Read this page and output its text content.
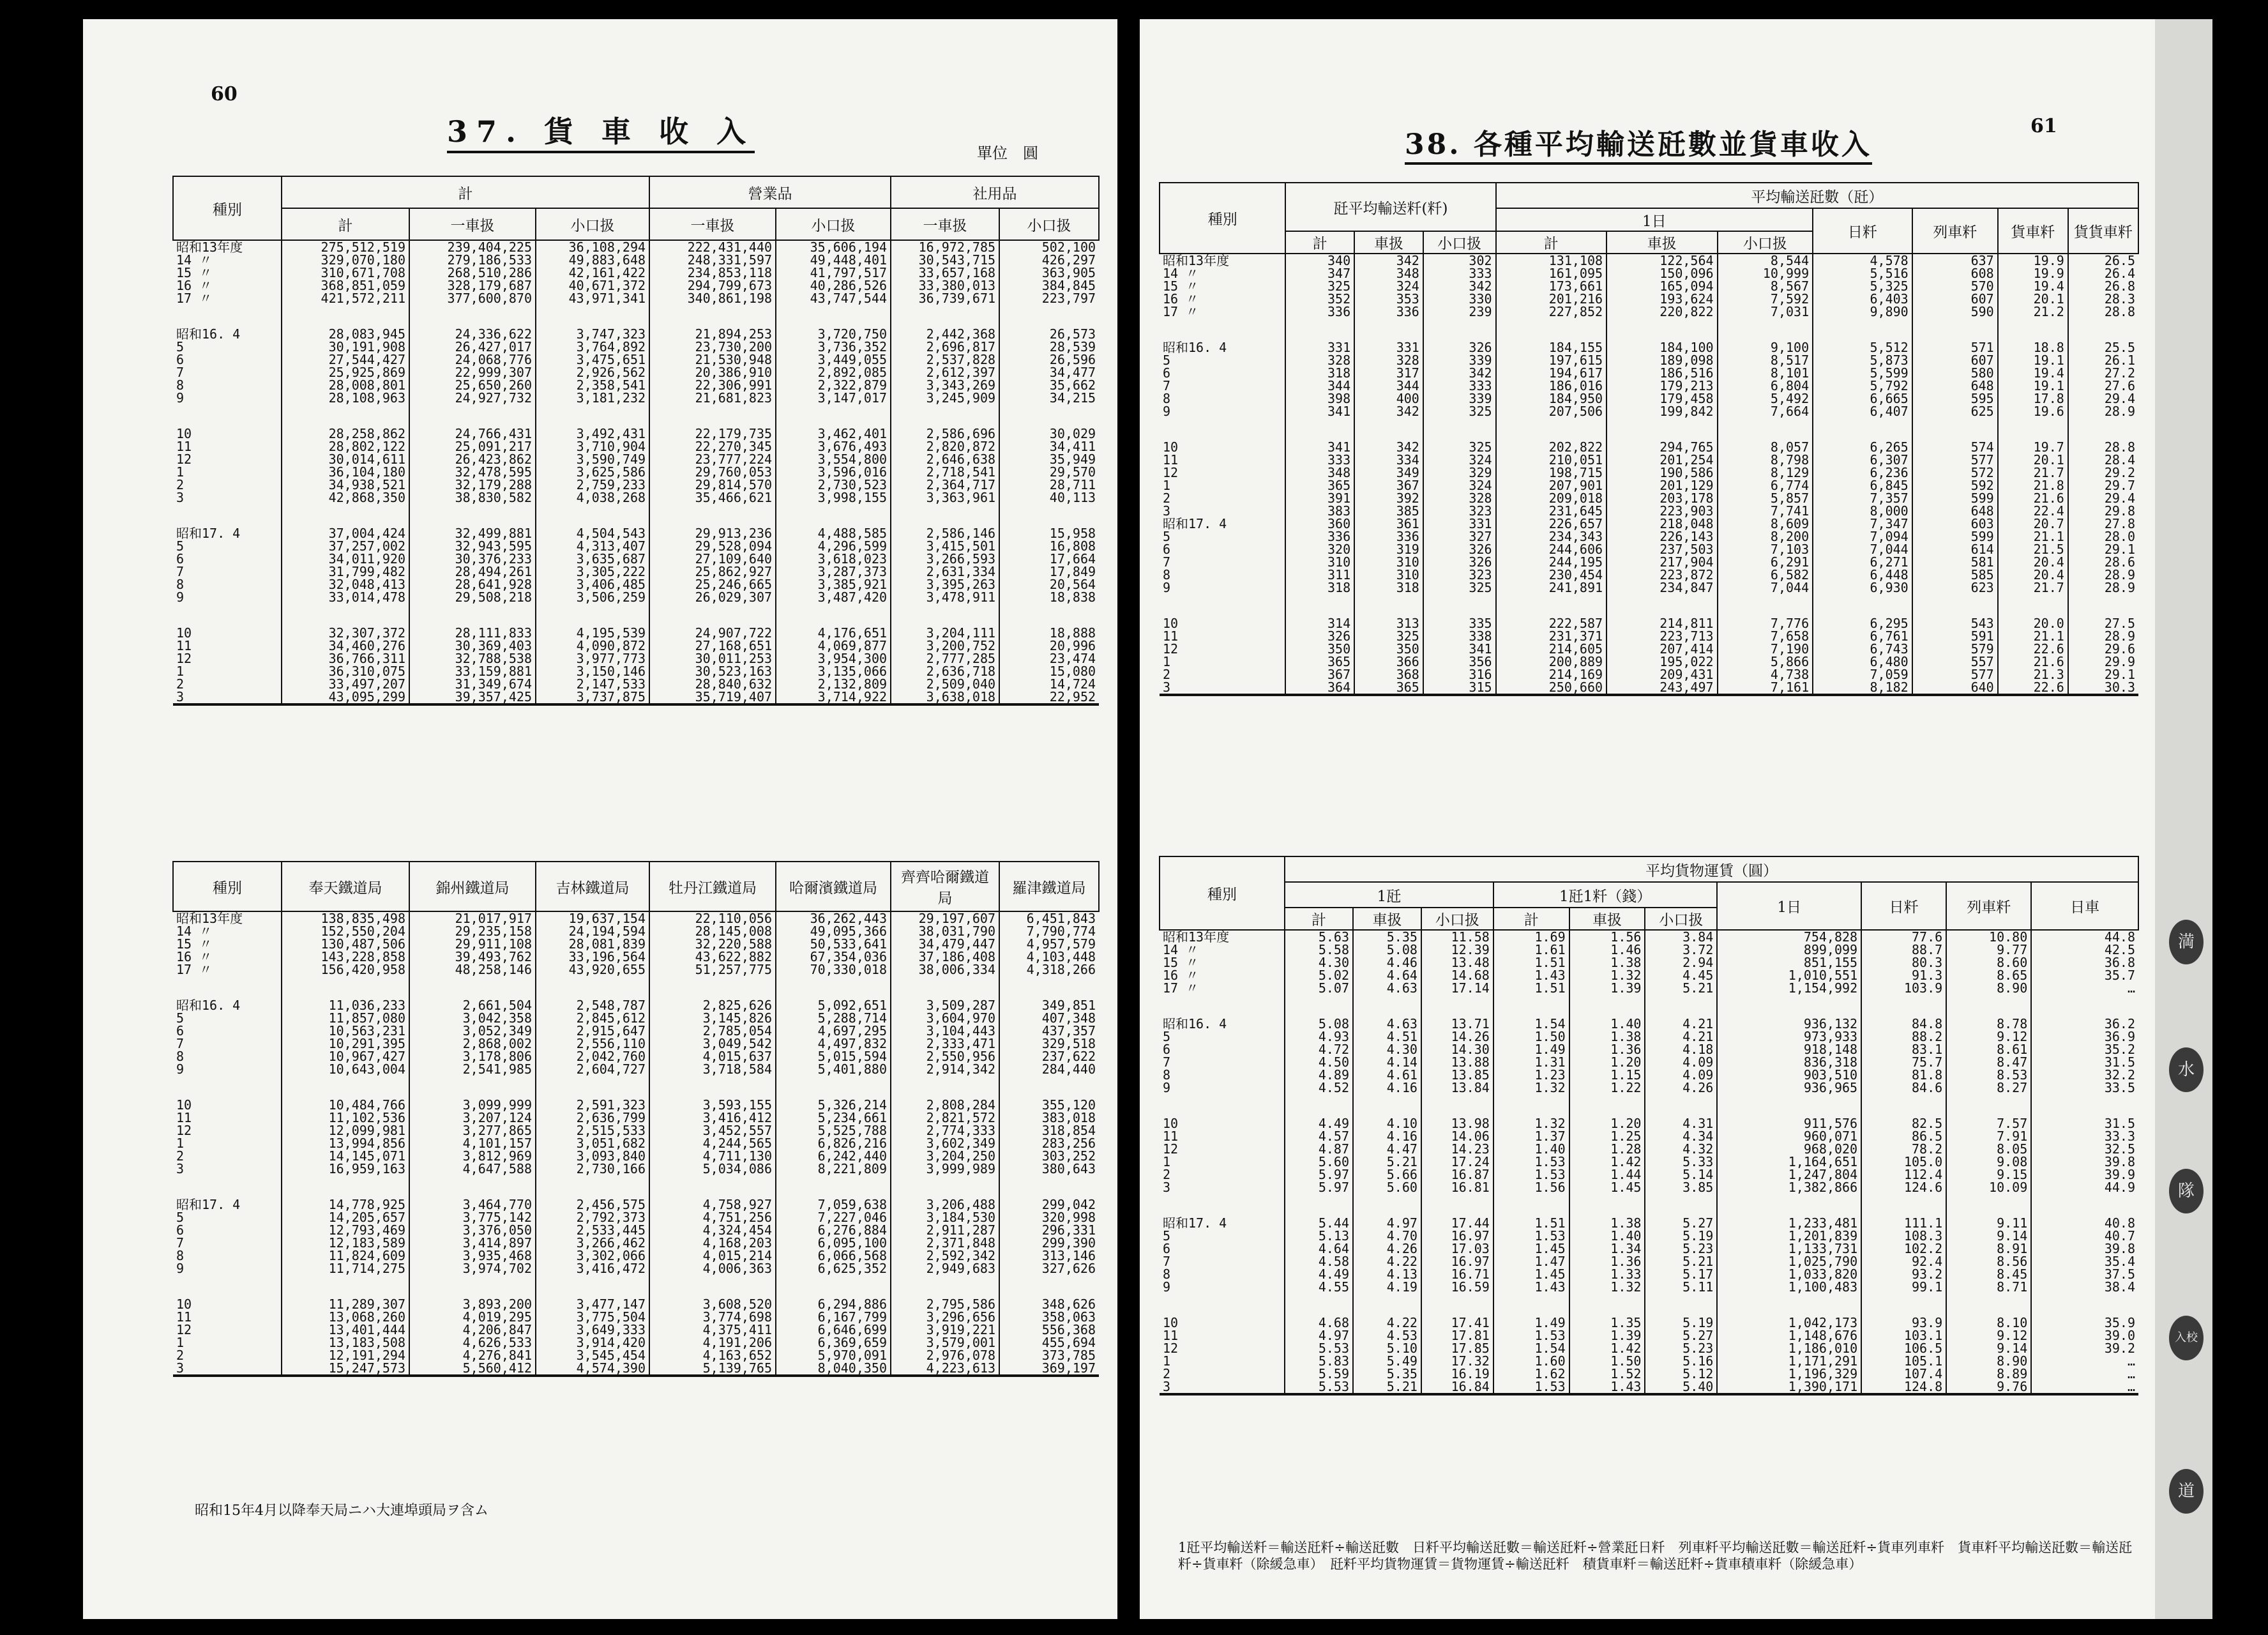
60
37. 貨 車 收 入
單位　圓
種別	計			營業品		社用品	
	計	一車扱	小口扱	一車扱	小口扱	一車扱	小口扱
昭和13年度	275,512,519	239,404,225	36,108,294	222,431,440	35,606,194	16,972,785	502,100
14 〃	329,070,180	279,186,533	49,883,648	248,331,597	49,448,401	30,543,715	426,297
15 〃	310,671,708	268,510,286	42,161,422	234,853,118	41,797,517	33,657,168	363,905
16 〃	368,851,059	328,179,687	40,671,372	294,799,673	40,286,526	33,380,013	384,845
17 〃	421,572,211	377,600,870	43,971,341	340,861,198	43,747,544	36,739,671	223,797

昭和16. 4	28,083,945	24,336,622	3,747,323	21,894,253	3,720,750	2,442,368	26,573
5	30,191,908	26,427,017	3,764,892	23,730,200	3,736,352	2,696,817	28,539
6	27,544,427	24,068,776	3,475,651	21,530,948	3,449,055	2,537,828	26,596
7	25,925,869	22,999,307	2,926,562	20,386,910	2,892,085	2,612,397	34,477
8	28,008,801	25,650,260	2,358,541	22,306,991	2,322,879	3,343,269	35,662
9	28,108,963	24,927,732	3,181,232	21,681,823	3,147,017	3,245,909	34,215

10	28,258,862	24,766,431	3,492,431	22,179,735	3,462,401	2,586,696	30,029
11	28,802,122	25,091,217	3,710,904	22,270,345	3,676,493	2,820,872	34,411
12	30,014,611	26,423,862	3,590,749	23,777,224	3,554,800	2,646,638	35,949
1	36,104,180	32,478,595	3,625,586	29,760,053	3,596,016	2,718,541	29,570
2	34,938,521	32,179,288	2,759,233	29,814,570	2,730,523	2,364,717	28,711
3	42,868,350	38,830,582	4,038,268	35,466,621	3,998,155	3,363,961	40,113

昭和17. 4	37,004,424	32,499,881	4,504,543	29,913,236	4,488,585	2,586,146	15,958
5	37,257,002	32,943,595	4,313,407	29,528,094	4,296,599	3,415,501	16,808
6	34,011,920	30,376,233	3,635,687	27,109,640	3,618,023	3,266,593	17,664
7	31,799,482	28,494,261	3,305,222	25,862,927	3,287,373	2,631,334	17,849
8	32,048,413	28,641,928	3,406,485	25,246,665	3,385,921	3,395,263	20,564
9	33,014,478	29,508,218	3,506,259	26,029,307	3,487,420	3,478,911	18,838

10	32,307,372	28,111,833	4,195,539	24,907,722	4,176,651	3,204,111	18,888
11	34,460,276	30,369,403	4,090,872	27,168,651	4,069,877	3,200,752	20,996
12	36,766,311	32,788,538	3,977,773	30,011,253	3,954,300	2,777,285	23,474
1	36,310,075	33,159,881	3,150,146	30,523,163	3,135,066	2,636,718	15,080
2	33,497,207	31,349,674	2,147,533	28,840,632	2,132,809	2,509,040	14,724
3	43,095,299	39,357,425	3,737,875	35,719,407	3,714,922	3,638,018	22,952
種別	奉天鐵道局	錦州鐵道局	吉林鐵道局	牡丹江鐵道局	哈爾濱鐵道局	齊齊哈爾鐵道局	羅津鐵道局
昭和13年度	138,835,498	21,017,917	19,637,154	22,110,056	36,262,443	29,197,607	6,451,843
14 〃	152,550,204	29,235,158	24,194,594	28,145,008	49,095,366	38,031,790	7,790,774
15 〃	130,487,506	29,911,108	28,081,839	32,220,588	50,533,641	34,479,447	4,957,579
16 〃	143,228,858	39,493,762	33,196,564	43,622,882	67,354,036	37,186,408	4,103,448
17 〃	156,420,958	48,258,146	43,920,655	51,257,775	70,330,018	38,006,334	4,318,266

昭和16. 4	11,036,233	2,661,504	2,548,787	2,825,626	5,092,651	3,509,287	349,851
5	11,857,080	3,042,358	2,845,612	3,145,826	5,288,714	3,604,970	407,348
6	10,563,231	3,052,349	2,915,647	2,785,054	4,697,295	3,104,443	437,357
7	10,291,395	2,868,002	2,556,110	3,049,542	4,497,832	2,333,471	329,518
8	10,967,427	3,178,806	2,042,760	4,015,637	5,015,594	2,550,956	237,622
9	10,643,004	2,541,985	2,604,727	3,718,584	5,401,880	2,914,342	284,440

10	10,484,766	3,099,999	2,591,323	3,593,155	5,326,214	2,808,284	355,120
11	11,102,536	3,207,124	2,636,799	3,416,412	5,234,661	2,821,572	383,018
12	12,099,981	3,277,865	2,515,533	3,452,557	5,525,788	2,774,333	318,854
1	13,994,856	4,101,157	3,051,682	4,244,565	6,826,216	3,602,349	283,256
2	14,145,071	3,812,969	3,093,840	4,711,130	6,242,440	3,204,250	303,252
3	16,959,163	4,647,588	2,730,166	5,034,086	8,221,809	3,999,989	380,643

昭和17. 4	14,778,925	3,464,770	2,456,575	4,758,927	7,059,638	3,206,488	299,042
5	14,205,657	3,775,142	2,792,373	4,751,256	7,227,046	3,184,530	320,998
6	12,793,469	3,376,050	2,533,445	4,324,454	6,276,884	2,911,287	296,331
7	12,183,589	3,414,897	3,266,462	4,168,203	6,095,100	2,371,848	299,390
8	11,824,609	3,935,468	3,302,066	4,015,214	6,066,568	2,592,342	313,146
9	11,714,275	3,974,702	3,416,472	4,006,363	6,625,352	2,949,683	327,626

10	11,289,307	3,893,200	3,477,147	3,608,520	6,294,886	2,795,586	348,626
11	13,068,260	4,019,295	3,775,504	3,774,698	6,167,799	3,296,656	358,063
12	13,401,444	4,206,847	3,649,333	4,375,411	6,646,699	3,919,221	556,368
1	13,183,508	4,626,533	3,914,420	4,191,206	6,369,659	3,579,001	455,694
2	12,191,294	4,276,841	3,545,454	4,163,652	5,970,091	2,976,078	373,785
3	15,247,573	5,560,412	4,574,390	5,139,765	8,040,350	4,223,613	369,197
昭和15年4月以降奉天局ニハ大連埠頭局ヲ含ム
61
38. 各種平均輸送瓩數並貨車收入
種別	瓩平均輸送粁(粁)			平均輸送瓩數（瓩）						
				1日			日粁	列車粁	貨車粁	貨貨車粁
	計	車扱	小口扱	計	車扱	小口扱				
昭和13年度	340	342	302	131,108	122,564	8,544	4,578	637	19.9	26.5
14 〃	347	348	333	161,095	150,096	10,999	5,516	608	19.9	26.4
15 〃	325	324	342	173,661	165,094	8,567	5,325	570	19.4	26.8
16 〃	352	353	330	201,216	193,624	7,592	6,403	607	20.1	28.3
17 〃	336	336	239	227,852	220,822	7,031	9,890	590	21.2	28.8

昭和16. 4	331	331	326	184,155	184,100	9,100	5,512	571	18.8	25.5
5	328	328	339	197,615	189,098	8,517	5,873	607	19.1	26.1
6	318	317	342	194,617	186,516	8,101	5,599	580	19.4	27.2
7	344	344	333	186,016	179,213	6,804	5,792	648	19.1	27.6
8	398	400	339	184,950	179,458	5,492	6,665	595	17.8	29.4
9	341	342	325	207,506	199,842	7,664	6,407	625	19.6	28.9

10	341	342	325	202,822	294,765	8,057	6,265	574	19.7	28.8
11	333	334	324	210,051	201,254	8,798	6,307	577	20.1	28.4
12	348	349	329	198,715	190,586	8,129	6,236	572	21.7	29.2
1	365	367	324	207,901	201,129	6,774	6,845	592	21.8	29.7
2	391	392	328	209,018	203,178	5,857	7,357	599	21.6	29.4
3	383	385	323	231,645	223,903	7,741	8,000	648	22.4	29.8
昭和17. 4	360	361	331	226,657	218,048	8,609	7,347	603	20.7	27.8
5	336	336	327	234,343	226,143	8,200	7,094	599	21.1	28.0
6	320	319	326	244,606	237,503	7,103	7,044	614	21.5	29.1
7	310	310	326	244,195	217,904	6,291	6,271	581	20.4	28.6
8	311	310	323	230,454	223,872	6,582	6,448	585	20.4	28.9
9	318	318	325	241,891	234,847	7,044	6,930	623	21.7	28.9

10	314	313	335	222,587	214,811	7,776	6,295	543	20.0	27.5
11	326	325	338	231,371	223,713	7,658	6,761	591	21.1	28.9
12	350	350	341	214,605	207,414	7,190	6,743	579	22.6	29.6
1	365	366	356	200,889	195,022	5,866	6,480	557	21.6	29.9
2	367	368	316	214,169	209,431	4,738	7,059	577	21.3	29.1
3	364	365	315	250,660	243,497	7,161	8,182	640	22.6	30.3
種別	平均貨物運賃（圓）									
	1瓩			1瓩1粁（錢）			1日	日粁	列車粁	日車
	計	車扱	小口扱	計	車扱	小口扱				
昭和13年度	5.63	5.35	11.58	1.69	1.56	3.84	754,828	77.6	10.80	44.8
14 〃	5.58	5.08	12.39	1.61	1.46	3.72	899,099	88.7	9.77	42.5
15 〃	4.30	4.46	13.48	1.51	1.38	2.94	851,155	80.3	8.60	36.8
16 〃	5.02	4.64	14.68	1.43	1.32	4.45	1,010,551	91.3	8.65	35.7
17 〃	5.07	4.63	17.14	1.51	1.39	5.21	1,154,992	103.9	8.90	…

昭和16. 4	5.08	4.63	13.71	1.54	1.40	4.21	936,132	84.8	8.78	36.2
5	4.93	4.51	14.26	1.50	1.38	4.21	973,933	88.2	9.12	36.9
6	4.72	4.30	14.30	1.49	1.36	4.18	918,148	83.1	8.61	35.2
7	4.50	4.14	13.88	1.31	1.20	4.09	836,318	75.7	8.47	31.5
8	4.89	4.61	13.85	1.23	1.15	4.09	903,510	81.8	8.53	32.2
9	4.52	4.16	13.84	1.32	1.22	4.26	936,965	84.6	8.27	33.5

10	4.49	4.10	13.98	1.32	1.20	4.31	911,576	82.5	7.57	31.5
11	4.57	4.16	14.06	1.37	1.25	4.34	960,071	86.5	7.91	33.3
12	4.87	4.47	14.23	1.40	1.28	4.32	968,020	78.2	8.05	32.5
1	5.60	5.21	17.24	1.53	1.42	5.33	1,164,651	105.0	9.08	39.8
2	5.97	5.66	16.87	1.53	1.44	5.14	1,247,804	112.4	9.15	39.9
3	5.97	5.60	16.81	1.56	1.45	3.85	1,382,866	124.6	10.09	44.9

昭和17. 4	5.44	4.97	17.44	1.51	1.38	5.27	1,233,481	111.1	9.11	40.8
5	5.13	4.70	16.97	1.53	1.40	5.19	1,201,839	108.3	9.14	40.7
6	4.64	4.26	17.03	1.45	1.34	5.23	1,133,731	102.2	8.91	39.8
7	4.58	4.22	16.97	1.47	1.36	5.21	1,025,790	92.4	8.56	35.4
8	4.49	4.13	16.71	1.45	1.33	5.17	1,033,820	93.2	8.45	37.5
9	4.55	4.19	16.59	1.43	1.32	5.11	1,100,483	99.1	8.71	38.4

10	4.68	4.22	17.41	1.49	1.35	5.19	1,042,173	93.9	8.10	35.9
11	4.97	4.53	17.81	1.53	1.39	5.27	1,148,676	103.1	9.12	39.0
12	5.53	5.10	17.85	1.54	1.42	5.23	1,186,010	106.5	9.14	39.2
1	5.83	5.49	17.32	1.60	1.50	5.16	1,171,291	105.1	8.90	…
2	5.59	5.35	16.19	1.62	1.52	5.12	1,196,329	107.4	8.89	…
3	5.53	5.21	16.84	1.53	1.43	5.40	1,390,171	124.8	9.76	…
1瓩平均輸送粁＝輸送瓩粁÷輸送瓩數　日粁平均輸送瓩數＝輸送瓩粁÷營業瓩日粁　列車粁平均輸送瓩數＝輸送瓩粁÷貨車列車粁　貨車粁平均輸送瓩數＝輸送瓩粁÷貨車粁（除緩急車）　瓩粁平均貨物運賃＝貨物運賃÷輸送瓩粁　積貨車粁＝輸送瓩粁÷貨車積車粁（除緩急車）
満
水
隊
入校
道
